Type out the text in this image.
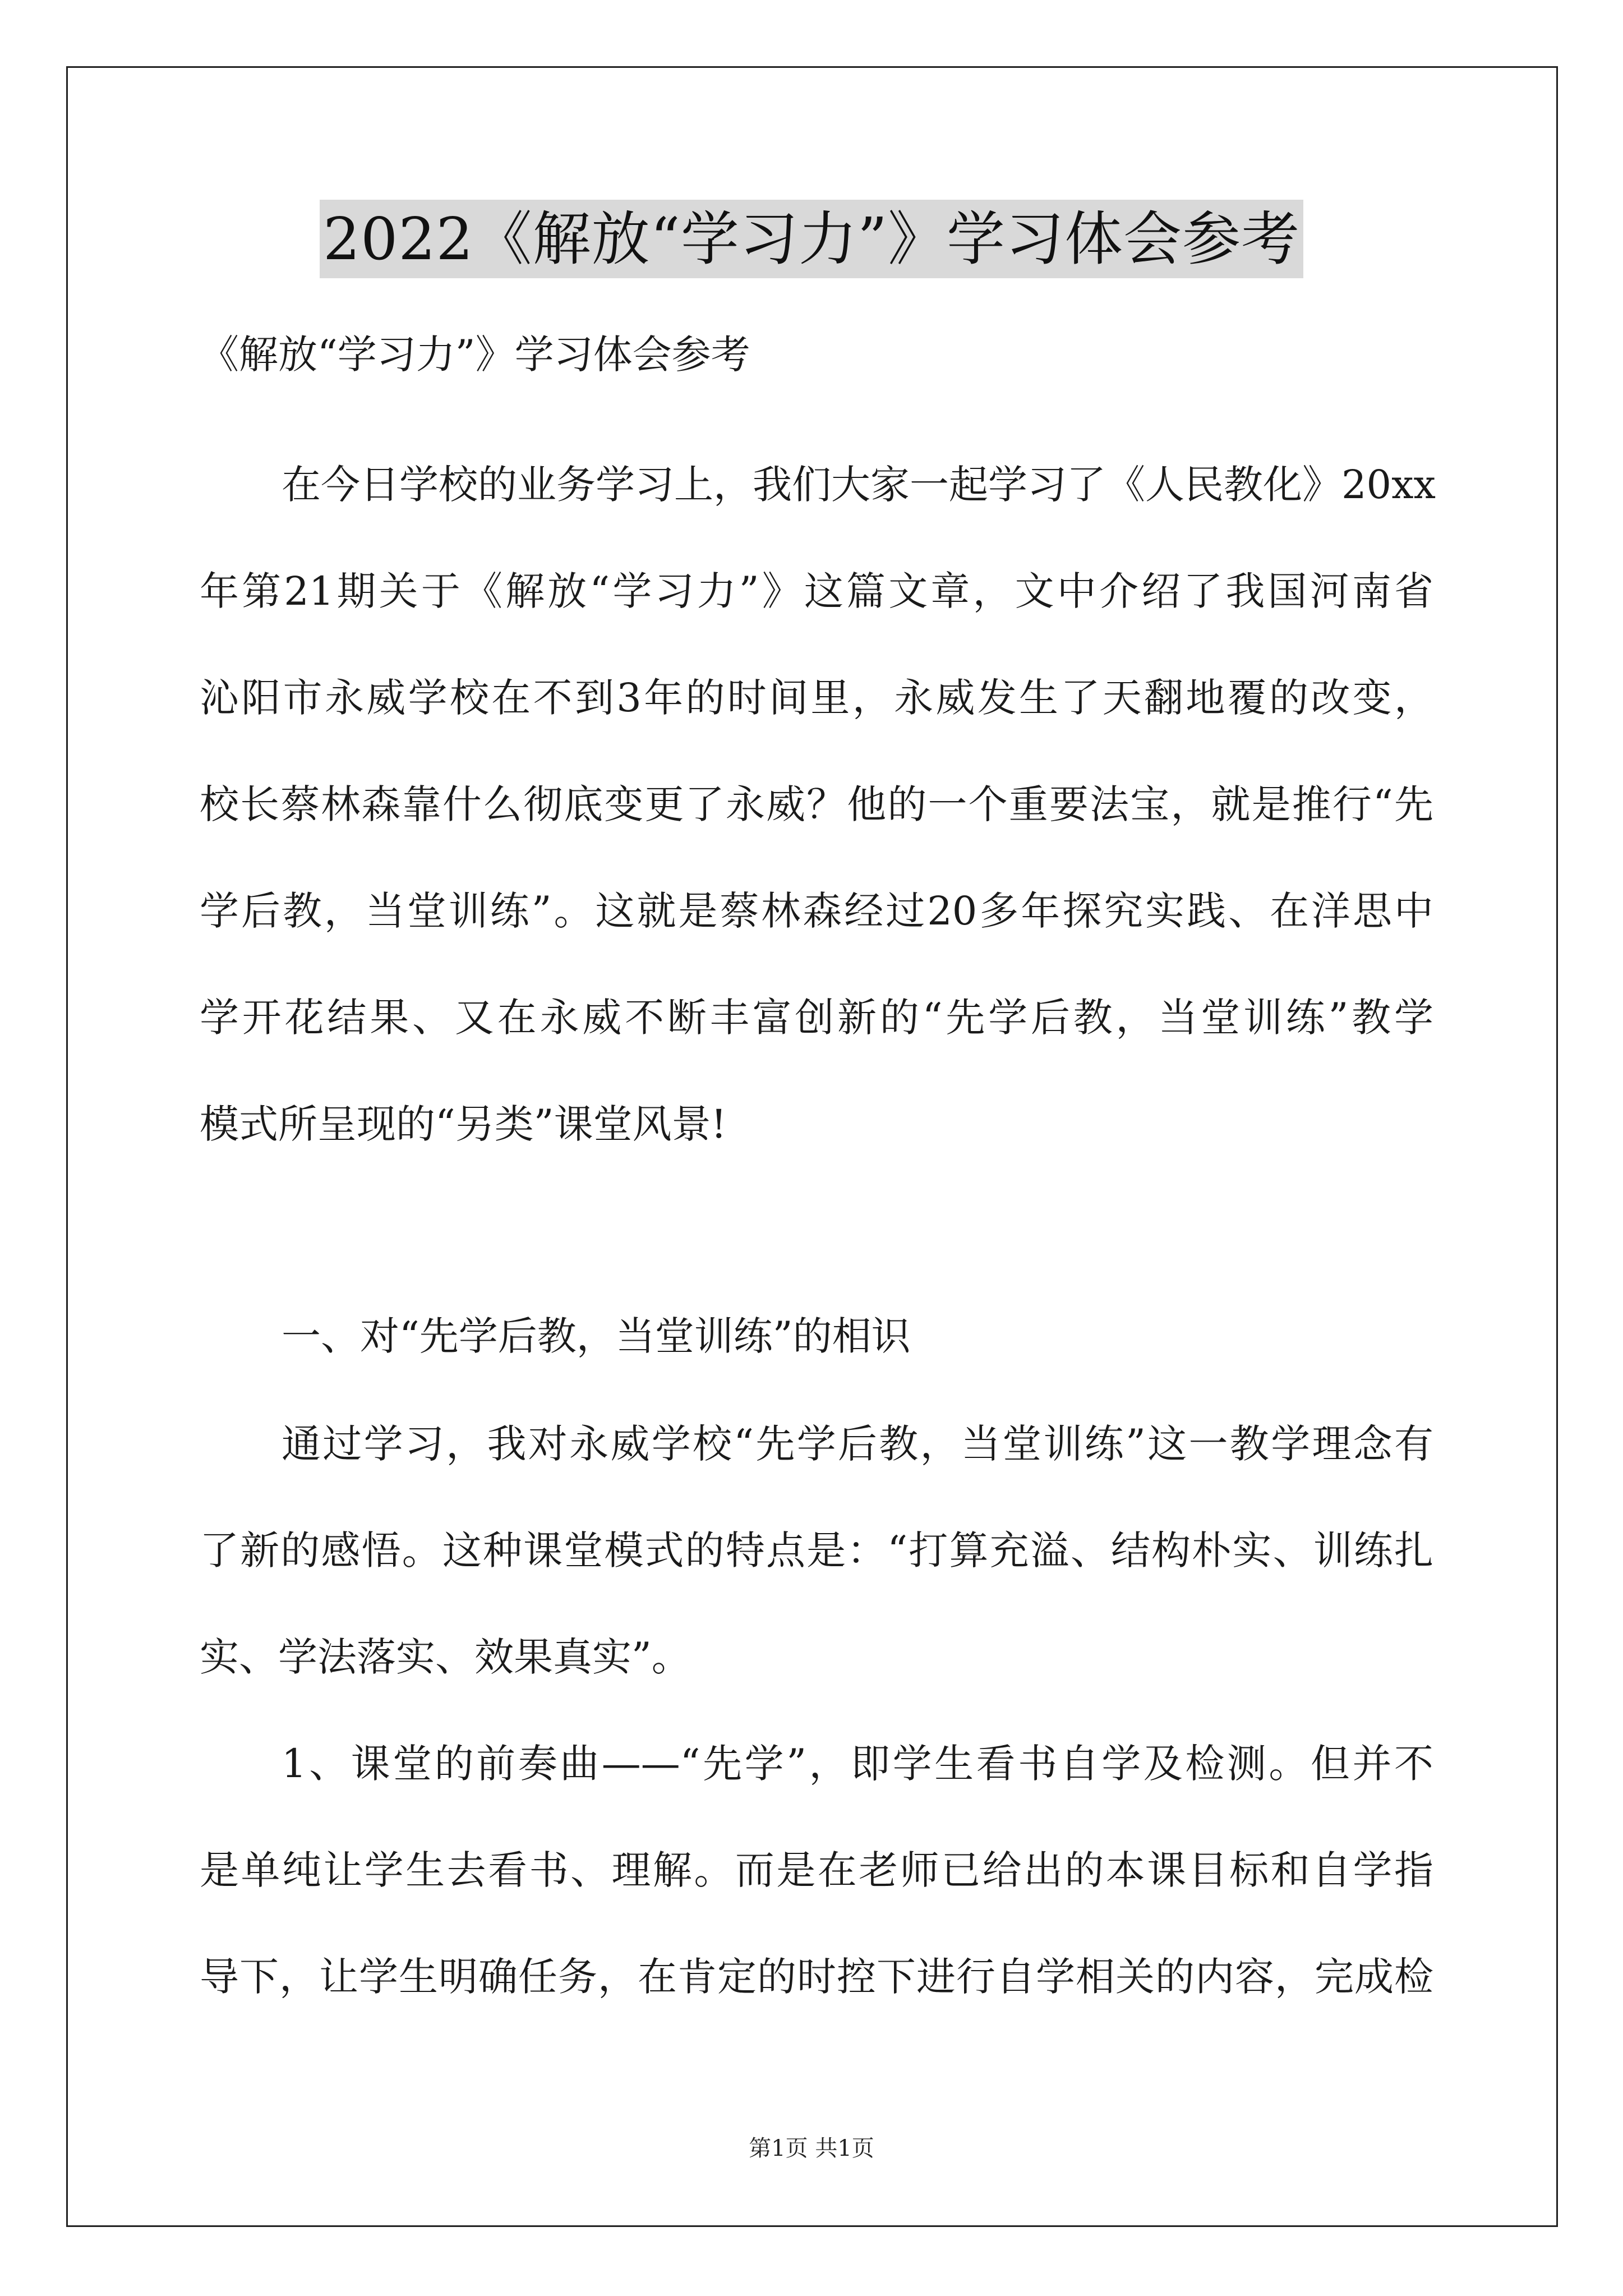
2022《解放“学习力”》学习体会参考
《解放“学习力”》学习体会参考
在今日学校的业务学习上，我们大家一起学习了《人民教化》20xx
年第21期关于《解放“学习力”》这篇文章，文中介绍了我国河南省
沁阳市永威学校在不到3年的时间里，永威发生了天翻地覆的改变，
校长蔡林森靠什么彻底变更了永威？他的一个重要法宝，就是推行“先
学后教，当堂训练”。这就是蔡林森经过20多年探究实践、在洋思中
学开花结果、又在永威不断丰富创新的“先学后教，当堂训练”教学
模式所呈现的“另类”课堂风景!
一、对“先学后教，当堂训练”的相识
通过学习，我对永威学校“先学后教，当堂训练”这一教学理念有
了新的感悟。这种课堂模式的特点是：“打算充溢、结构朴实、训练扎
实、学法落实、效果真实”。
1、课堂的前奏曲——“先学”，即学生看书自学及检测。但并不
是单纯让学生去看书、理解。而是在老师已给出的本课目标和自学指
导下，让学生明确任务，在肯定的时控下进行自学相关的内容，完成检
第1页 共1页
